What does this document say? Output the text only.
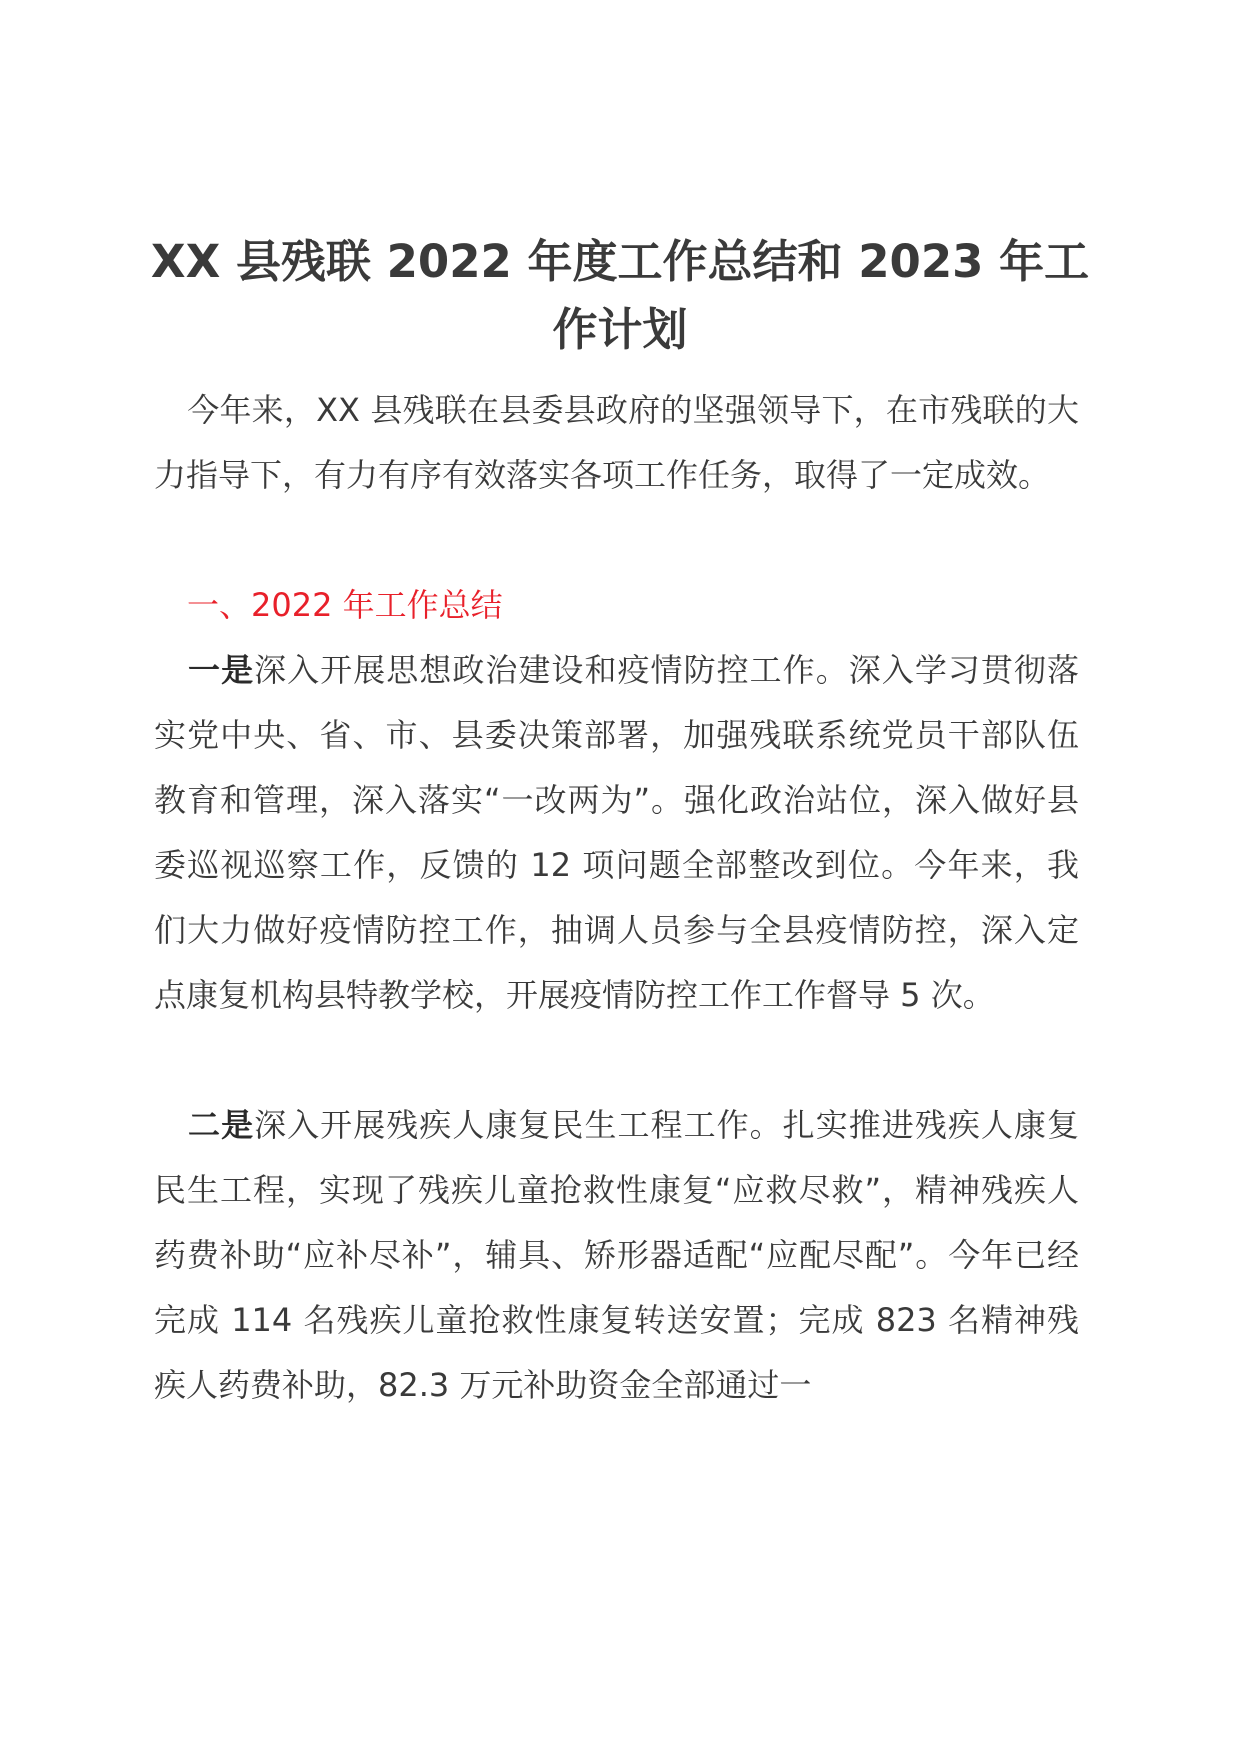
XX 县残联 2022 年度工作总结和 2023 年工作计划
今年来，XX 县残联在县委县政府的坚强领导下，在市残联的大力指导下，有力有序有效落实各项工作任务，取得了一定成效。
一、2022 年工作总结
一是深入开展思想政治建设和疫情防控工作。深入学习贯彻落实党中央、省、市、县委决策部署，加强残联系统党员干部队伍教育和管理，深入落实“一改两为”。强化政治站位，深入做好县委巡视巡察工作，反馈的 12 项问题全部整改到位。今年来，我们大力做好疫情防控工作，抽调人员参与全县疫情防控，深入定点康复机构县特教学校，开展疫情防控工作工作督导 5 次。
二是深入开展残疾人康复民生工程工作。扎实推进残疾人康复民生工程，实现了残疾儿童抢救性康复“应救尽救”，精神残疾人药费补助“应补尽补”，辅具、矫形器适配“应配尽配”。今年已经完成 114 名残疾儿童抢救性康复转送安置；完成 823 名精神残疾人药费补助，82.3 万元补助资金全部通过一
